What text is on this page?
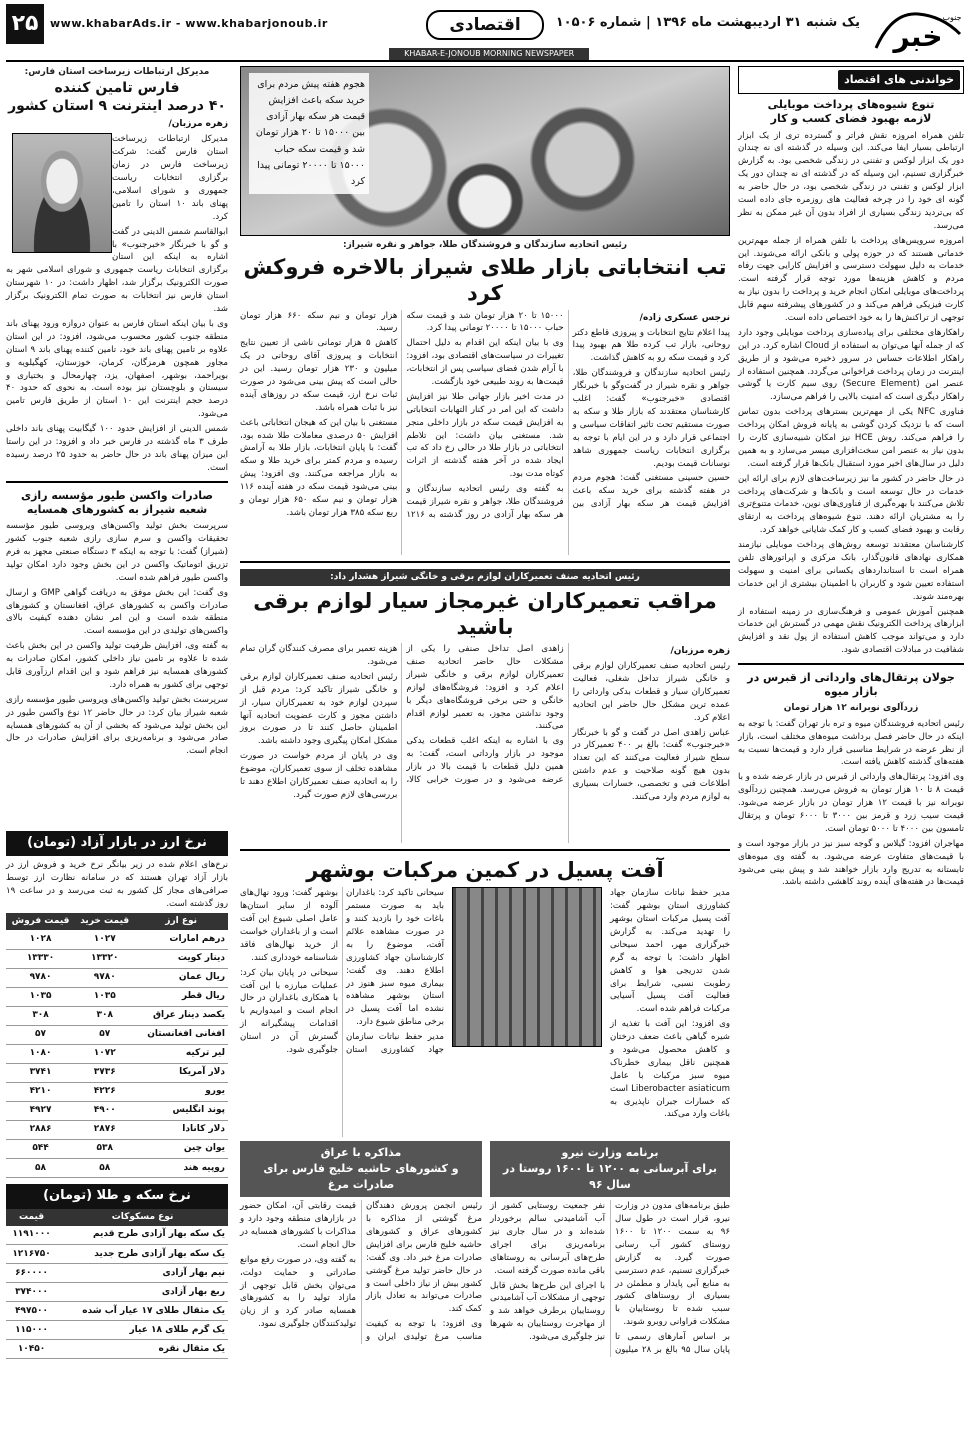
خبر
جنوب
یک شنبه ۳۱ اردیبهشت ماه ۱۳۹۶ | شماره ۱۰۵۰۶
اقتصادی
www.khabarAds.ir - www.khabarjonoub.ir
۲۵
KHABAR-E-JONOUB MORNING NEWSPAPER
خواندنی های اقتصاد
تنوع شیوه‌های پرداخت موبایلی
لازمه بهبود فضای کسب و کار

تلفن همراه امروزه نقش فراتر و گسترده تری از یک ابزار ارتباطی بسیار ایفا می‌کند. این وسیله در گذشته ای نه چندان دور یک ابزار لوکس و تفننی در زندگی شخصی بود. به گزارش خبرگزاری تسنیم، این وسیله که در گذشته ای نه چندان دور یک ابزار لوکس و تفننی در زندگی شخصی بود، در حال حاضر به گونه ای خود را در چرخه فعالیت های روزمره جای داده است که بی‌تردید زندگی بسیاری از افراد بدون آن غیر ممکن به نظر می‌رسد.

امروزه سرویس‌های پرداخت با تلفن همراه از جمله مهم‌ترین خدماتی هستند که در حوزه پولی و بانکی ارائه می‌شوند. این خدمات به دلیل سهولت دسترسی و افزایش کارایی جهت رفاه مردم و کاهش هزینه‌ها مورد توجه قرار گرفته است. پرداخت‌های موبایلی امکان انجام خرید و پرداخت را بدون نیاز به کارت فیزیکی فراهم می‌کند و در کشورهای پیشرفته سهم قابل توجهی از تراکنش‌ها را به خود اختصاص داده است.

راهکارهای مختلفی برای پیاده‌سازی پرداخت موبایلی وجود دارد که از جمله آنها می‌توان به استفاده از Cloud اشاره کرد. در این راهکار اطلاعات حساس در سرور ذخیره می‌شود و از طریق اینترنت در زمان پرداخت فراخوانی می‌گردد. همچنین استفاده از عنصر امن (Secure Element) روی سیم کارت یا گوشی راهکار دیگری است که امنیت بالایی را فراهم می‌سازد.

فناوری NFC یکی از مهم‌ترین بسترهای پرداخت بدون تماس است که با نزدیک کردن گوشی به پایانه فروش امکان پرداخت را فراهم می‌کند. روش HCE نیز امکان شبیه‌سازی کارت را بدون نیاز به عنصر امن سخت‌افزاری میسر می‌سازد و به همین دلیل در سال‌های اخیر مورد استقبال بانک‌ها قرار گرفته است.

در حال حاضر در کشور ما نیز زیرساخت‌های لازم برای ارائه این خدمات در حال توسعه است و بانک‌ها و شرکت‌های پرداخت تلاش می‌کنند با بهره‌گیری از فناوری‌های نوین، خدمات متنوع‌تری را به مشتریان ارائه دهند. تنوع شیوه‌های پرداخت به ارتقای رقابت و بهبود فضای کسب و کار کمک شایانی خواهد کرد.

کارشناسان معتقدند توسعه روش‌های پرداخت موبایلی نیازمند همکاری نهادهای قانون‌گذار، بانک مرکزی و اپراتورهای تلفن همراه است تا استانداردهای یکسانی برای امنیت و سهولت استفاده تعیین شود و کاربران با اطمینان بیشتری از این خدمات بهره‌مند شوند.

همچنین آموزش عمومی و فرهنگ‌سازی در زمینه استفاده از ابزارهای پرداخت الکترونیک نقش مهمی در گسترش این خدمات دارد و می‌تواند موجب کاهش استفاده از پول نقد و افزایش شفافیت در مبادلات اقتصادی شود.

جولان پرتقال‌های وارداتی از قبرس در بازار میوه
زردآلوی نوبرانه ۱۲ هزار تومان

رئیس اتحادیه فروشندگان میوه و تره بار تهران گفت: با توجه به اینکه در حال حاضر فصل برداشت میوه‌های مختلف است، بازار از نظر عرضه در شرایط مناسبی قرار دارد و قیمت‌ها نسبت به هفته‌های گذشته کاهش یافته است.

وی افزود: پرتقال‌های وارداتی از قبرس در بازار عرضه شده و با قیمت ۸ تا ۱۰ هزار تومان به فروش می‌رسد. همچنین زردآلوی نوبرانه نیز با قیمت ۱۲ هزار تومان در بازار عرضه می‌شود. قیمت سیب زرد و قرمز بین ۳۰۰۰ تا ۶۰۰۰ تومان و پرتقال تامسون بین ۴۰۰۰ تا ۵۰۰۰ تومان است.

مهاجران افزود: گیلاس و گوجه سبز نیز در بازار موجود است و با قیمت‌های متفاوت عرضه می‌شود. به گفته وی میوه‌های تابستانه به تدریج وارد بازار خواهند شد و پیش بینی می‌شود قیمت‌ها در هفته‌های آینده روند کاهشی داشته باشد.

هجوم هفته پیش مردم برای خرید سکه باعث افزایش قیمت هر سکه بهار آزادی بین ۱۵۰۰۰ تا ۲۰ هزار تومان شد و قیمت سکه حباب ۱۵۰۰۰ تا ۲۰۰۰۰ تومانی پیدا کرد
رئیس اتحادیه سازندگان و فروشندگان طلا، جواهر و نقره شیراز:
تب انتخاباتی بازار طلای شیراز بالاخره فروکش کرد
نرجس عسکری زاده/

پیدا اعلام نتایج انتخابات و پیروزی قاطع دکتر روحانی، بازار تب کرده طلا هم بهبود پیدا کرد و قیمت سکه رو به کاهش گذاشت.

رئیس اتحادیه سازندگان و فروشندگان طلا، جواهر و نقره شیراز در گفت‌وگو با خبرنگار اقتصادی «خبرجنوب» گفت: اغلب کارشناسان معتقدند که بازار طلا و سکه به صورت مستقیم تحت تاثیر اتفاقات سیاسی و اجتماعی قرار دارد و در این ایام با توجه به برگزاری انتخابات ریاست جمهوری شاهد نوسانات قیمت بودیم.

حسین حسینی مستغنی گفت: هجوم مردم در هفته گذشته برای خرید سکه باعث افزایش قیمت هر سکه بهار آزادی بین ۱۵۰۰۰ تا ۲۰ هزار تومان شد و قیمت سکه حباب ۱۵۰۰۰ تا ۲۰۰۰۰ تومانی پیدا کرد.

وی با بیان اینکه این اقدام به دلیل احتمال تغییرات در سیاست‌های اقتصادی بود، افزود: با آرام شدن فضای سیاسی پس از انتخابات، قیمت‌ها به روند طبیعی خود بازگشت.

در مدت اخیر بازار جهانی طلا نیز افزایش داشت که این امر در کنار التهابات انتخاباتی به افزایش قیمت سکه در بازار داخلی منجر شد. مستغنی بیان داشت: این تلاطم انتخاباتی در بازار طلا در حالی رخ داد که تب ایجاد شده در آخر هفته گذشته از اثرات کوتاه مدت بود.

به گفته وی رئیس اتحادیه سازندگان و فروشندگان طلا، جواهر و نقره شیراز قیمت هر سکه بهار آزادی در روز گذشته به ۱۲۱۶ هزار تومان و نیم سکه ۶۶۰ هزار تومان رسید.

کاهش ۵ هزار تومانی ناشی از تعیین نتایج انتخابات و پیروزی آقای روحانی در یک میلیون و ۲۳۰ هزار تومان رسید. این در حالی است که پیش بینی می‌شود در صورت ثبات نرخ ارز، قیمت سکه در روزهای آینده نیز با ثبات همراه باشد.

مستغنی با بیان این که هیجان انتخاباتی باعث افزایش ۵۰ درصدی معاملات طلا شده بود، گفت: با پایان انتخابات، بازار طلا به آرامش رسیده و مردم کمتر برای خرید طلا و سکه به بازار مراجعه می‌کنند. وی افزود: پیش بینی می‌شود قیمت سکه در هفته آینده ۱۱۶ هزار تومان و نیم سکه ۶۵۰ هزار تومان و ربع سکه ۳۸۵ هزار تومان باشد.

رئیس اتحادیه صنف تعمیرکاران لوازم برقی و خانگی شیراز هشدار داد:
مراقب تعمیرکاران غیرمجاز سیار لوازم برقی باشید
زهره مرزبان/

رئیس اتحادیه صنف تعمیرکاران لوازم برقی و خانگی شیراز تداخل شغلی، فعالیت تعمیرکاران سیار و قطعات بدکی وارداتی را عمده ترین مشکل حال حاضر این اتحادیه اعلام کرد.

عباس زاهدی اصل در گفت و گو با خبرنگار «خبرجنوب» گفت: بالغ بر ۴۰۰ تعمیرکار در سطح شیراز فعالیت می‌کنند که این تعداد بدون هیچ گونه صلاحیت و عدم داشتن اطلاعات فنی و تخصصی، خسارات بسیاری به لوازم مردم وارد می‌کنند.

زاهدی اصل تداخل صنفی را یکی از مشکلات حال حاضر اتحادیه صنف تعمیرکاران لوازم برقی و خانگی شیراز اعلام کرد و افزود: فروشگاه‌های لوازم خانگی و حتی برخی فروشگاه‌های دیگر با وجود نداشتن مجوز، به تعمیر لوازم اقدام می‌کنند.

وی با اشاره به اینکه اغلب قطعات یدکی موجود در بازار وارداتی است، گفت: به همین دلیل قطعات با قیمت بالا در بازار عرضه می‌شود و در صورت خرابی کالا، هزینه تعمیر برای مصرف کنندگان گران تمام می‌شود.

رئیس اتحادیه صنف تعمیرکاران لوازم برقی و خانگی شیراز تاکید کرد: مردم قبل از سپردن لوازم خود به تعمیرکاران سیار، از داشتن مجوز و کارت عضویت اتحادیه آنها اطمینان حاصل کنند تا در صورت بروز مشکل امکان پیگیری وجود داشته باشد.

وی در پایان از مردم خواست در صورت مشاهده تخلف از سوی تعمیرکاران، موضوع را به اتحادیه صنف تعمیرکاران اطلاع دهند تا بررسی‌های لازم صورت گیرد.

آفت پسیل در کمین مرکبات بوشهر

مدیر حفظ نباتات سازمان جهاد کشاورزی استان بوشهر گفت: آفت پسیل مرکبات استان بوشهر را تهدید می‌کند. به گزارش خبرگزاری مهر، احمد سیحانی اظهار داشت: با توجه به گرم شدن تدریجی هوا و کاهش رطوبت نسبی، شرایط برای فعالیت آفت پسیل آسیایی مرکبات فراهم شده است.

وی افزود: این آفت با تغذیه از شیره گیاهی باعث ضعف درختان و کاهش محصول می‌شود و همچنین ناقل بیماری خطرناک میوه سبز مرکبات با عامل Liberobacter asiaticum است که خسارات جبران ناپذیری به باغات وارد می‌کند.

سیحانی تاکید کرد: باغداران باید به صورت مستمر باغات خود را بازدید کنند و در صورت مشاهده علائم آفت، موضوع را به کارشناسان جهاد کشاورزی اطلاع دهند. وی گفت: بیماری میوه سبز هنوز در استان بوشهر مشاهده نشده اما آفت پسیل در برخی مناطق شیوع دارد.

مدیر حفظ نباتات سازمان جهاد کشاورزی استان بوشهر گفت: ورود نهال‌های آلوده از سایر استان‌ها عامل اصلی شیوع این آفت است و از باغداران خواست از خرید نهال‌های فاقد شناسنامه خودداری کنند.

سیحانی در پایان بیان کرد: عملیات مبارزه با این آفت با همکاری باغداران در حال انجام است و امیدواریم با اقدامات پیشگیرانه از گسترش آن در استان جلوگیری شود.

برنامه وزارت نیرو
برای آبرسانی به ۱۲۰۰ تا ۱۶۰۰ روستا در سال ۹۶

طبق برنامه‌های مدون در وزارت نیرو، قرار است در طول سال ۹۶ به سمت ۱۲۰۰ تا ۱۶۰۰ روستای کشور آب رسانی صورت گیرد. به گزارش خبرگزاری تسنیم، عدم دسترسی به منابع آبی پایدار و مطمئن در بسیاری از روستاهای کشور سبب شده تا روستاییان با مشکلات فراوانی روبرو شوند.

بر اساس آمارهای رسمی تا پایان سال ۹۵ بالغ بر ۲۸ میلیون نفر جمعیت روستایی کشور از آب آشامیدنی سالم برخوردار شده‌اند و در سال جاری نیز برنامه‌ریزی برای اجرای طرح‌های آبرسانی به روستاهای باقی مانده صورت گرفته است.

با اجرای این طرح‌ها بخش قابل توجهی از مشکلات آب آشامیدنی روستاییان برطرف خواهد شد و از مهاجرت روستاییان به شهرها نیز جلوگیری می‌شود.

مذاکره با عراق
و کشورهای حاشیه خلیج فارس برای صادرات مرغ

رئیس انجمن پرورش دهندگان مرغ گوشتی از مذاکره با کشورهای عراق و کشورهای حاشیه خلیج فارس برای افزایش صادرات مرغ خبر داد. وی گفت: در حال حاضر تولید مرغ گوشتی کشور بیش از نیاز داخلی است و صادرات می‌تواند به تعادل بازار کمک کند.

وی افزود: با توجه به کیفیت مناسب مرغ تولیدی ایران و قیمت رقابتی آن، امکان حضور در بازارهای منطقه وجود دارد و مذاکرات با کشورهای همسایه در حال انجام است.

به گفته وی، در صورت رفع موانع صادراتی و حمایت دولت، می‌توان بخش قابل توجهی از مازاد تولید را به کشورهای همسایه صادر کرد و از زیان تولیدکنندگان جلوگیری نمود.

مدیرکل ارتباطات زیرساخت استان فارس:
فارس تامین کننده
۴۰ درصد اینترنت ۹ استان کشور
زهره مرزبان/

مدیرکل ارتباطات زیرساخت استان فارس گفت: شرکت زیرساخت فارس در زمان برگزاری انتخابات ریاست جمهوری و شورای اسلامی، پهنای باند ۱۰ استان را تامین کرد.

ابوالقاسم شمس الدینی در گفت و گو با خبرنگار «خبرجنوب» با اشاره به اینکه این استان برگزاری انتخابات ریاست جمهوری و شورای اسلامی شهر به صورت الکترونیک برگزار شد، اظهار داشت: در ۱۰ شهرستان استان فارس نیز انتخابات به صورت تمام الکترونیک برگزار شد.

وی با بیان اینکه استان فارس به عنوان دروازه ورود پهنای باند منطقه جنوب کشور محسوب می‌شود، افزود: در این استان علاوه بر تامین پهنای باند خود، تامین کننده پهنای باند ۹ استان مجاور همچون هرمزگان، کرمان، خوزستان، کهگیلویه و بویراحمد، بوشهر، اصفهان، یزد، چهارمحال و بختیاری و سیستان و بلوچستان نیز بوده است. به نحوی که حدود ۴۰ درصد حجم اینترنت این ۱۰ استان از طریق فارس تامین می‌شود.

شمس الدینی از افزایش حدود ۱۰۰ گیگابیت پهنای باند داخلی طرف ۳ ماه گذشته در فارس خبر داد و افزود: در این راستا این میزان پهنای باند در حال حاضر به حدود ۲۵ درصد رسیده است.

صادرات واکسن طیور مؤسسه رازی شعبه شیراز به کشورهای همسایه

سرپرست بخش تولید واکسن‌های ویروسی طیور مؤسسه تحقیقات واکسن و سرم سازی رازی شعبه جنوب کشور (شیراز) گفت: با توجه به اینکه ۳ دستگاه صنعتی مجهز به فرم تزریق اتوماتیک واکسن در این بخش وجود دارد امکان تولید واکسن طیور فراهم شده است.

وی گفت: این بخش موفق به دریافت گواهی GMP و ارسال صادرات واکسن به کشورهای عراق، افغانستان و کشورهای منطقه شده است و این امر نشان دهنده کیفیت بالای واکسن‌های تولیدی در این مؤسسه است.

به گفته وی، افزایش ظرفیت تولید واکسن در این بخش باعث شده تا علاوه بر تامین نیاز داخلی کشور، امکان صادرات به کشورهای همسایه نیز فراهم شود و این اقدام ارزآوری قابل توجهی برای کشور به همراه دارد.

سرپرست بخش تولید واکسن‌های ویروسی طیور مؤسسه رازی شعبه شیراز بیان کرد: در حال حاضر ۱۲ نوع واکسن طیور در این بخش تولید می‌شود که بخشی از آن به کشورهای همسایه صادر می‌شود و برنامه‌ریزی برای افزایش صادرات در حال انجام است.

نرخ ارز در بازار آزاد (تومان)

نرخ‌های اعلام شده در زیر بیانگر نرخ خرید و فروش ارز در بازار آزاد تهران هستند که در سامانه نظارت ارز توسط صرافی‌های مجاز کل کشور به ثبت می‌رسد و در ساعت ۱۹ روز گذشته است.

نوع ارز	قیمت خرید	قیمت فروش
درهم امارات	۱۰۲۷	۱۰۲۸
دینار کویت	۱۳۳۲۰	۱۳۳۳۰
ریال عمان	۹۷۸۰	۹۷۸۰
ریال قطر	۱۰۳۵	۱۰۳۵
یکصد دینار عراق	۳۰۸	۳۰۸
افغانی افغانستان	۵۷	۵۷
لیر ترکیه	۱۰۷۲	۱۰۸۰
دلار آمریکا	۳۷۳۶	۳۷۴۱
یورو	۴۲۲۶	۴۲۱۰
پوند انگلیس	۴۹۰۰	۴۹۲۷
دلار کانادا	۲۸۷۶	۲۸۸۶
یوان چین	۵۳۸	۵۴۴
روپیه هند	۵۸	۵۸
نرخ سکه و طلا (تومان)
نوع مسکوکات	قیمت
یک سکه بهار آزادی طرح قدیم	۱۱۹۱۰۰۰
یک سکه بهار آزادی طرح جدید	۱۲۱۶۷۵۰
نیم بهار آزادی	۶۶۰۰۰۰
ربع بهار آزادی	۳۷۴۰۰۰
یک مثقال طلای ۱۷ عیار آب شده	۴۹۷۵۰۰
یک گرم طلای ۱۸ عیار	۱۱۵۰۰۰
یک مثقال نقره	۱۰۴۵۰
